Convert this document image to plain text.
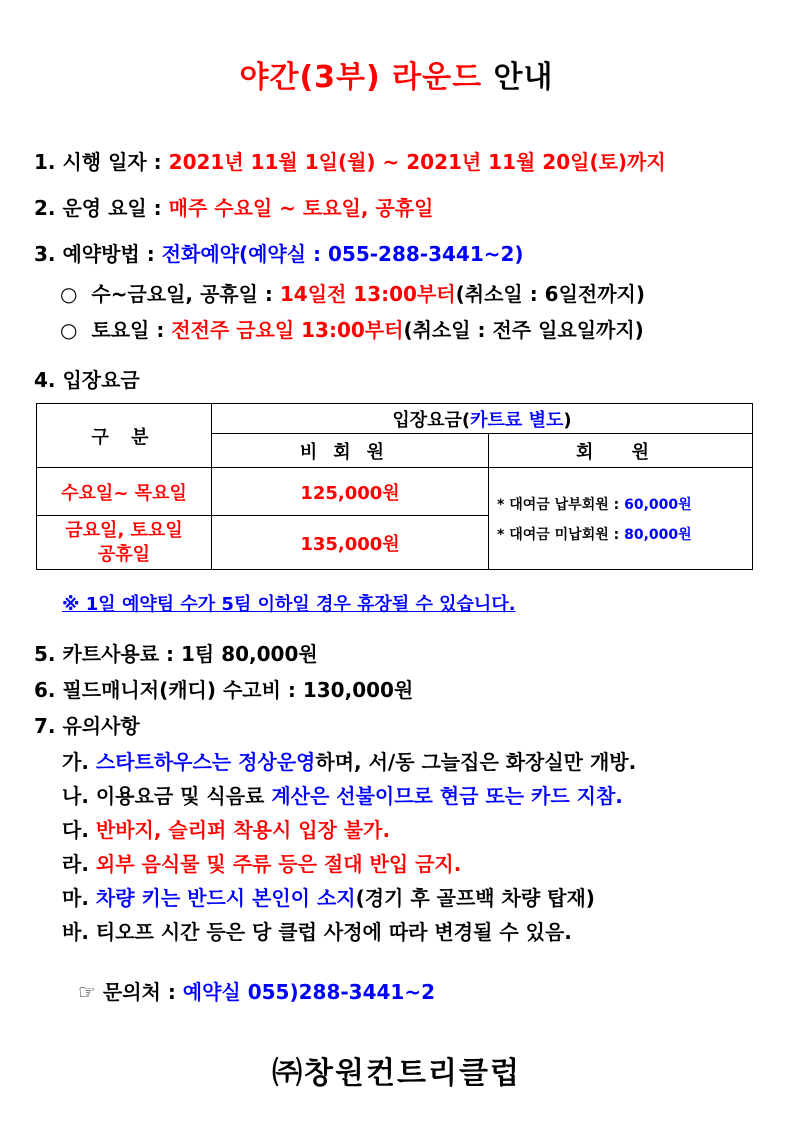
야간(3부) 라운드 안내
1. 시행 일자 : 2021년 11월 1일(월) ~ 2021년 11월 20일(토)까지
2. 운영 요일 : 매주 수요일 ~ 토요일, 공휴일
3. 예약방법 : 전화예약(예약실 : 055-288-3441~2)
○ 수~금요일, 공휴일 : 14일전 13:00부터(취소일 : 6일전까지)
○ 토요일 : 전전주 금요일 13:00부터(취소일 : 전주 일요일까지)
4. 입장요금
구 분	입장요금(카트료 별도)	
	비회원	회 원
수요일~ 목요일	125,000원	* 대여금 납부회원 : 60,000원
* 대여금 미납회원 : 80,000원

금요일, 토요일 공휴일	135,000원	
※ 1일 예약팀 수가 5팀 이하일 경우 휴장될 수 있습니다.
5. 카트사용료 : 1팀 80,000원
6. 필드매니저(캐디) 수고비 : 130,000원
7. 유의사항
가. 스타트하우스는 정상운영하며, 서/동 그늘집은 화장실만 개방.
나. 이용요금 및 식음료 계산은 선불이므로 현금 또는 카드 지참.
다. 반바지, 슬리퍼 착용시 입장 불가.
라. 외부 음식물 및 주류 등은 절대 반입 금지.
마. 차량 키는 반드시 본인이 소지(경기 후 골프백 차량 탑재)
바. 티오프 시간 등은 당 클럽 사정에 따라 변경될 수 있음.
☞ 문의처 : 예약실 055)288-3441~2
㈜창원컨트리클럽
